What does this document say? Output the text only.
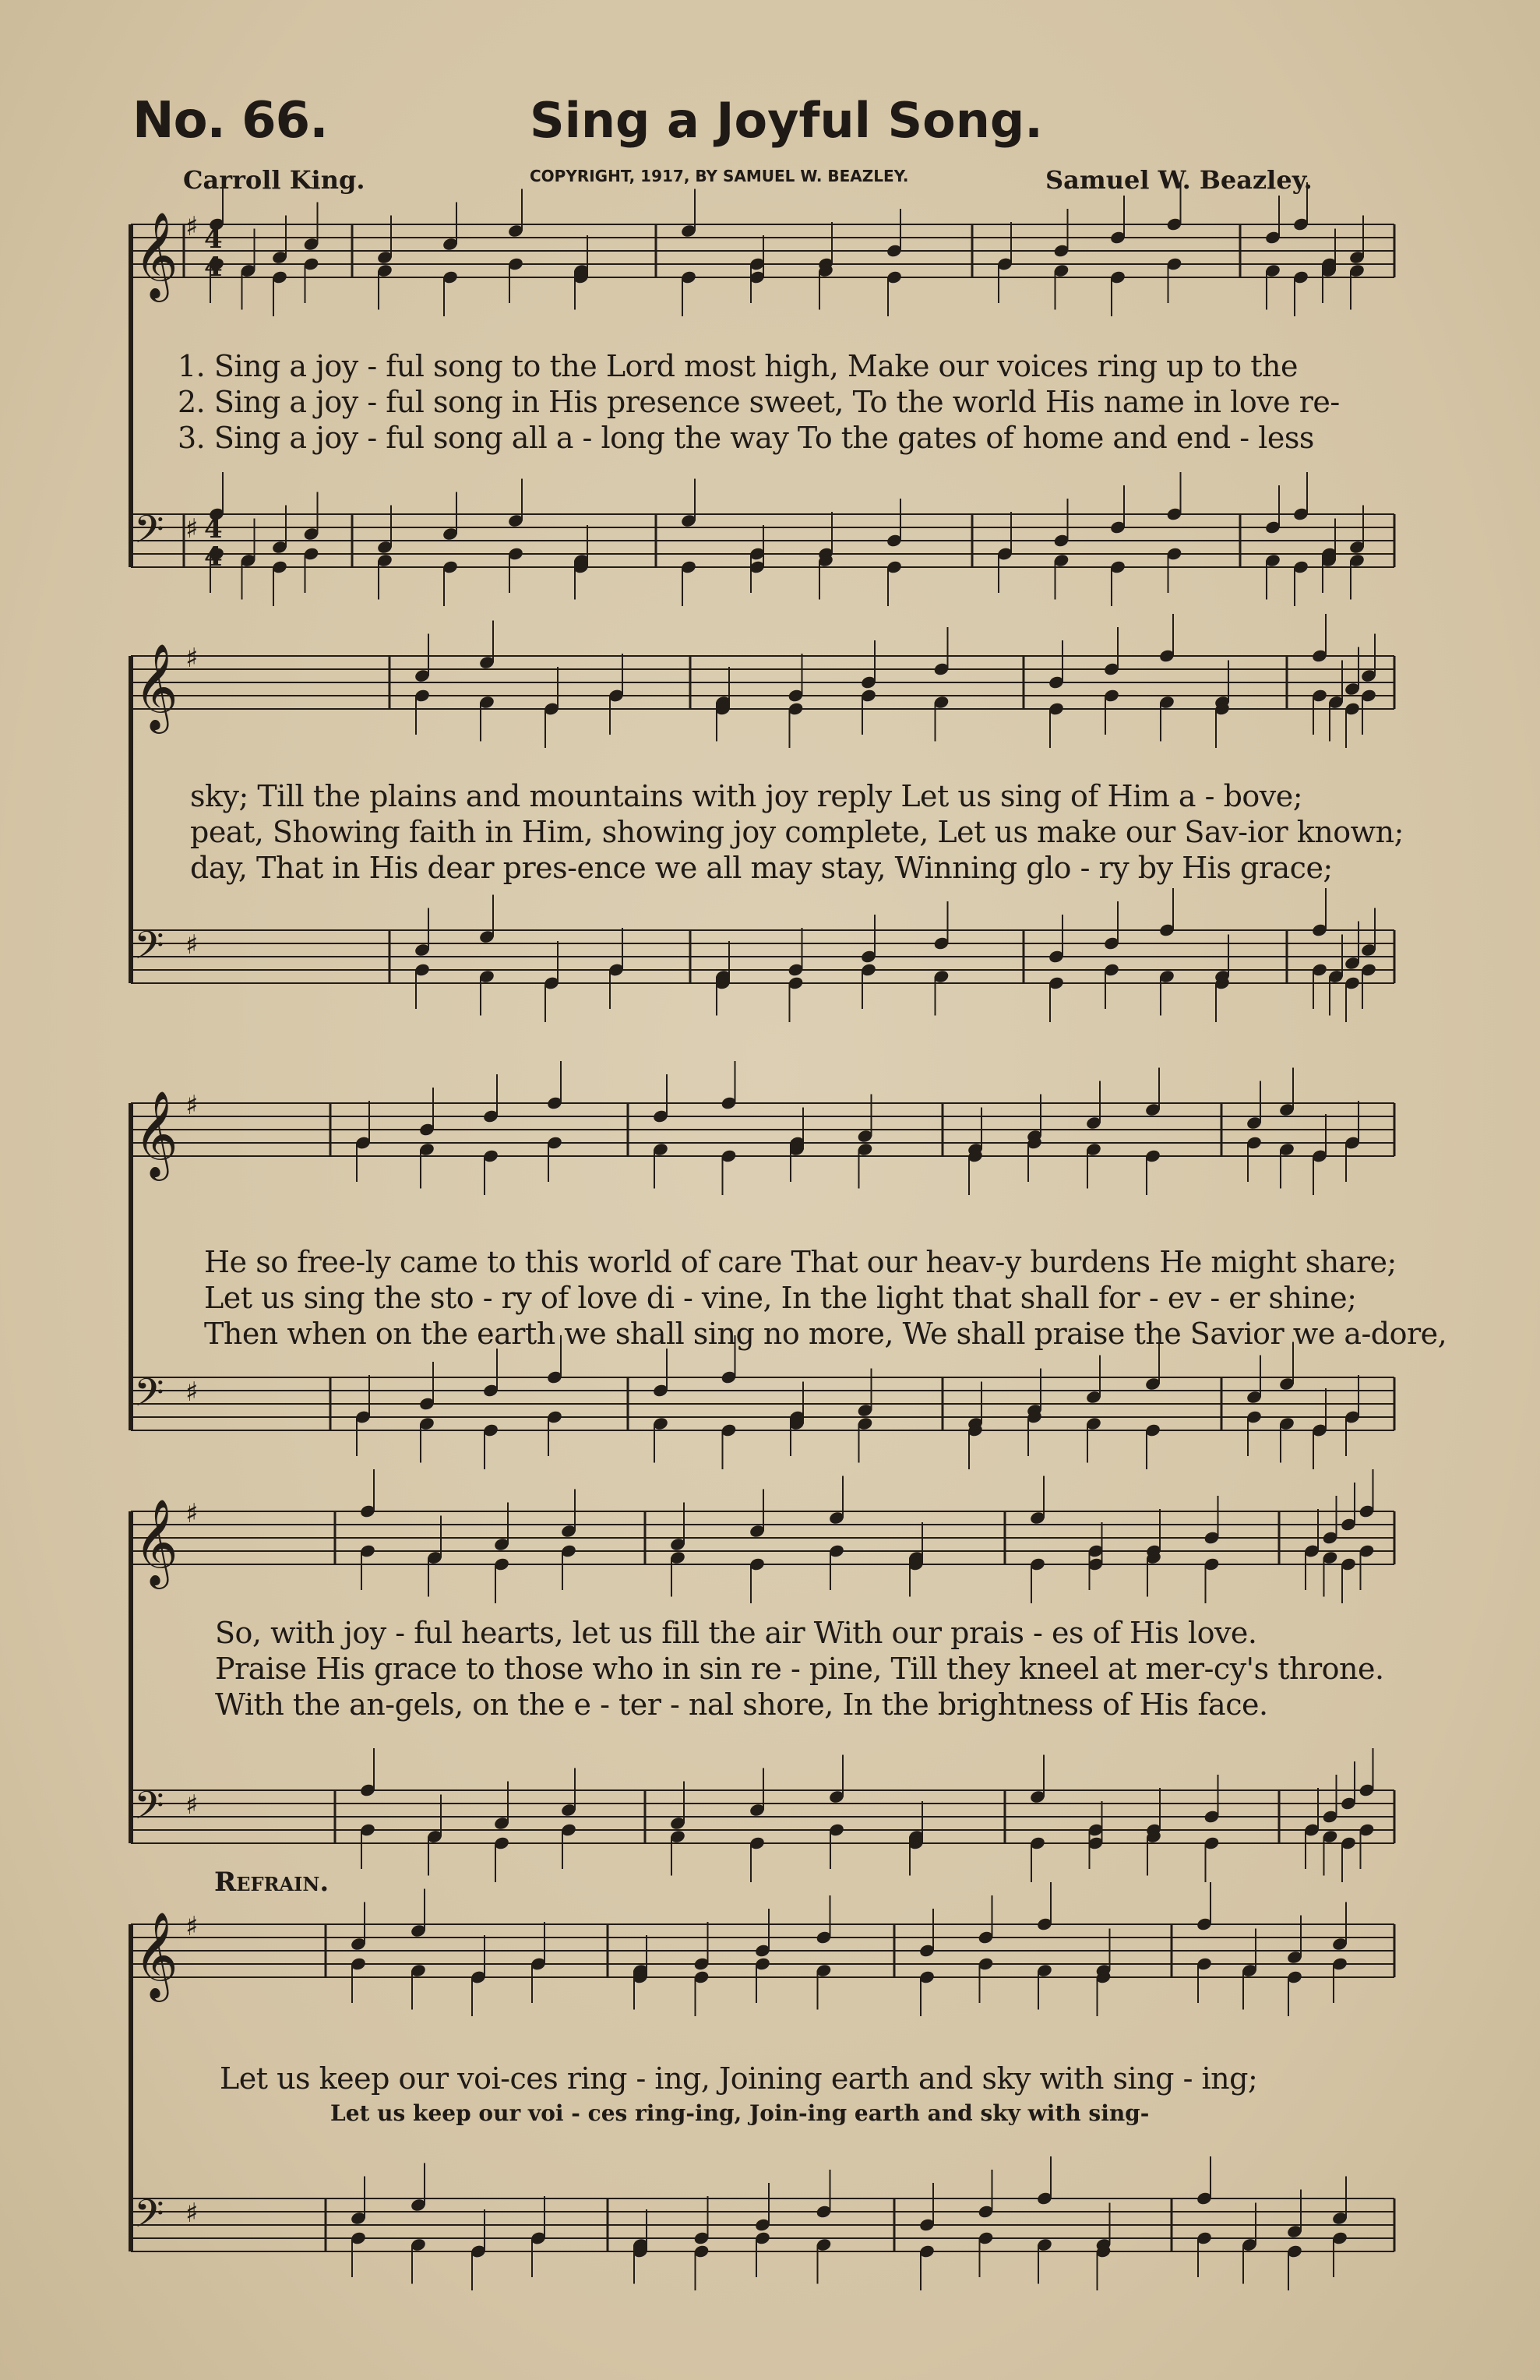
No. 66.	Sing a Joyful Song.
Carroll King.	COPYRIGHT, 1917, BY SAMUEL W. BEAZLEY.	Samuel W. Beazley.
♯
𝄞
♯
𝄢
4
4
4
4
♯
𝄞
♯
𝄢
♯
𝄞
♯
𝄢
♯
𝄞
♯
𝄢
♯
𝄞
♯
𝄢
1. Sing a joy - ful song to the Lord most high, Make our voices ring up to the
2. Sing a joy - ful song in His presence sweet, To the world His name in love re-
3. Sing a joy - ful song all a - long the way To the gates of home and end - less
sky; Till the plains and mountains with joy reply Let us sing of Him a - bove;
peat, Showing faith in Him, showing joy complete, Let us make our Sav-ior known;
day, That in His dear pres-ence we all may stay, Winning glo - ry by His grace;
He so free-ly came to this world of care That our heav-y burdens He might share;
Let us sing the sto - ry of love di - vine, In the light that shall for - ev - er shine;
Then when on the earth we shall sing no more, We shall praise the Savior we a-dore,
So, with joy - ful hearts, let us fill the air With our prais - es of His love.
Praise His grace to those who in sin re - pine, Till they kneel at mer-cy's throne.
With the an-gels, on the e - ter - nal shore, In the brightness of His face.
Refrain.
Let us keep our voi-ces ring - ing, Joining earth and sky with sing - ing;
Let us keep our voi - ces ring-ing, Join-ing earth and sky with sing-
